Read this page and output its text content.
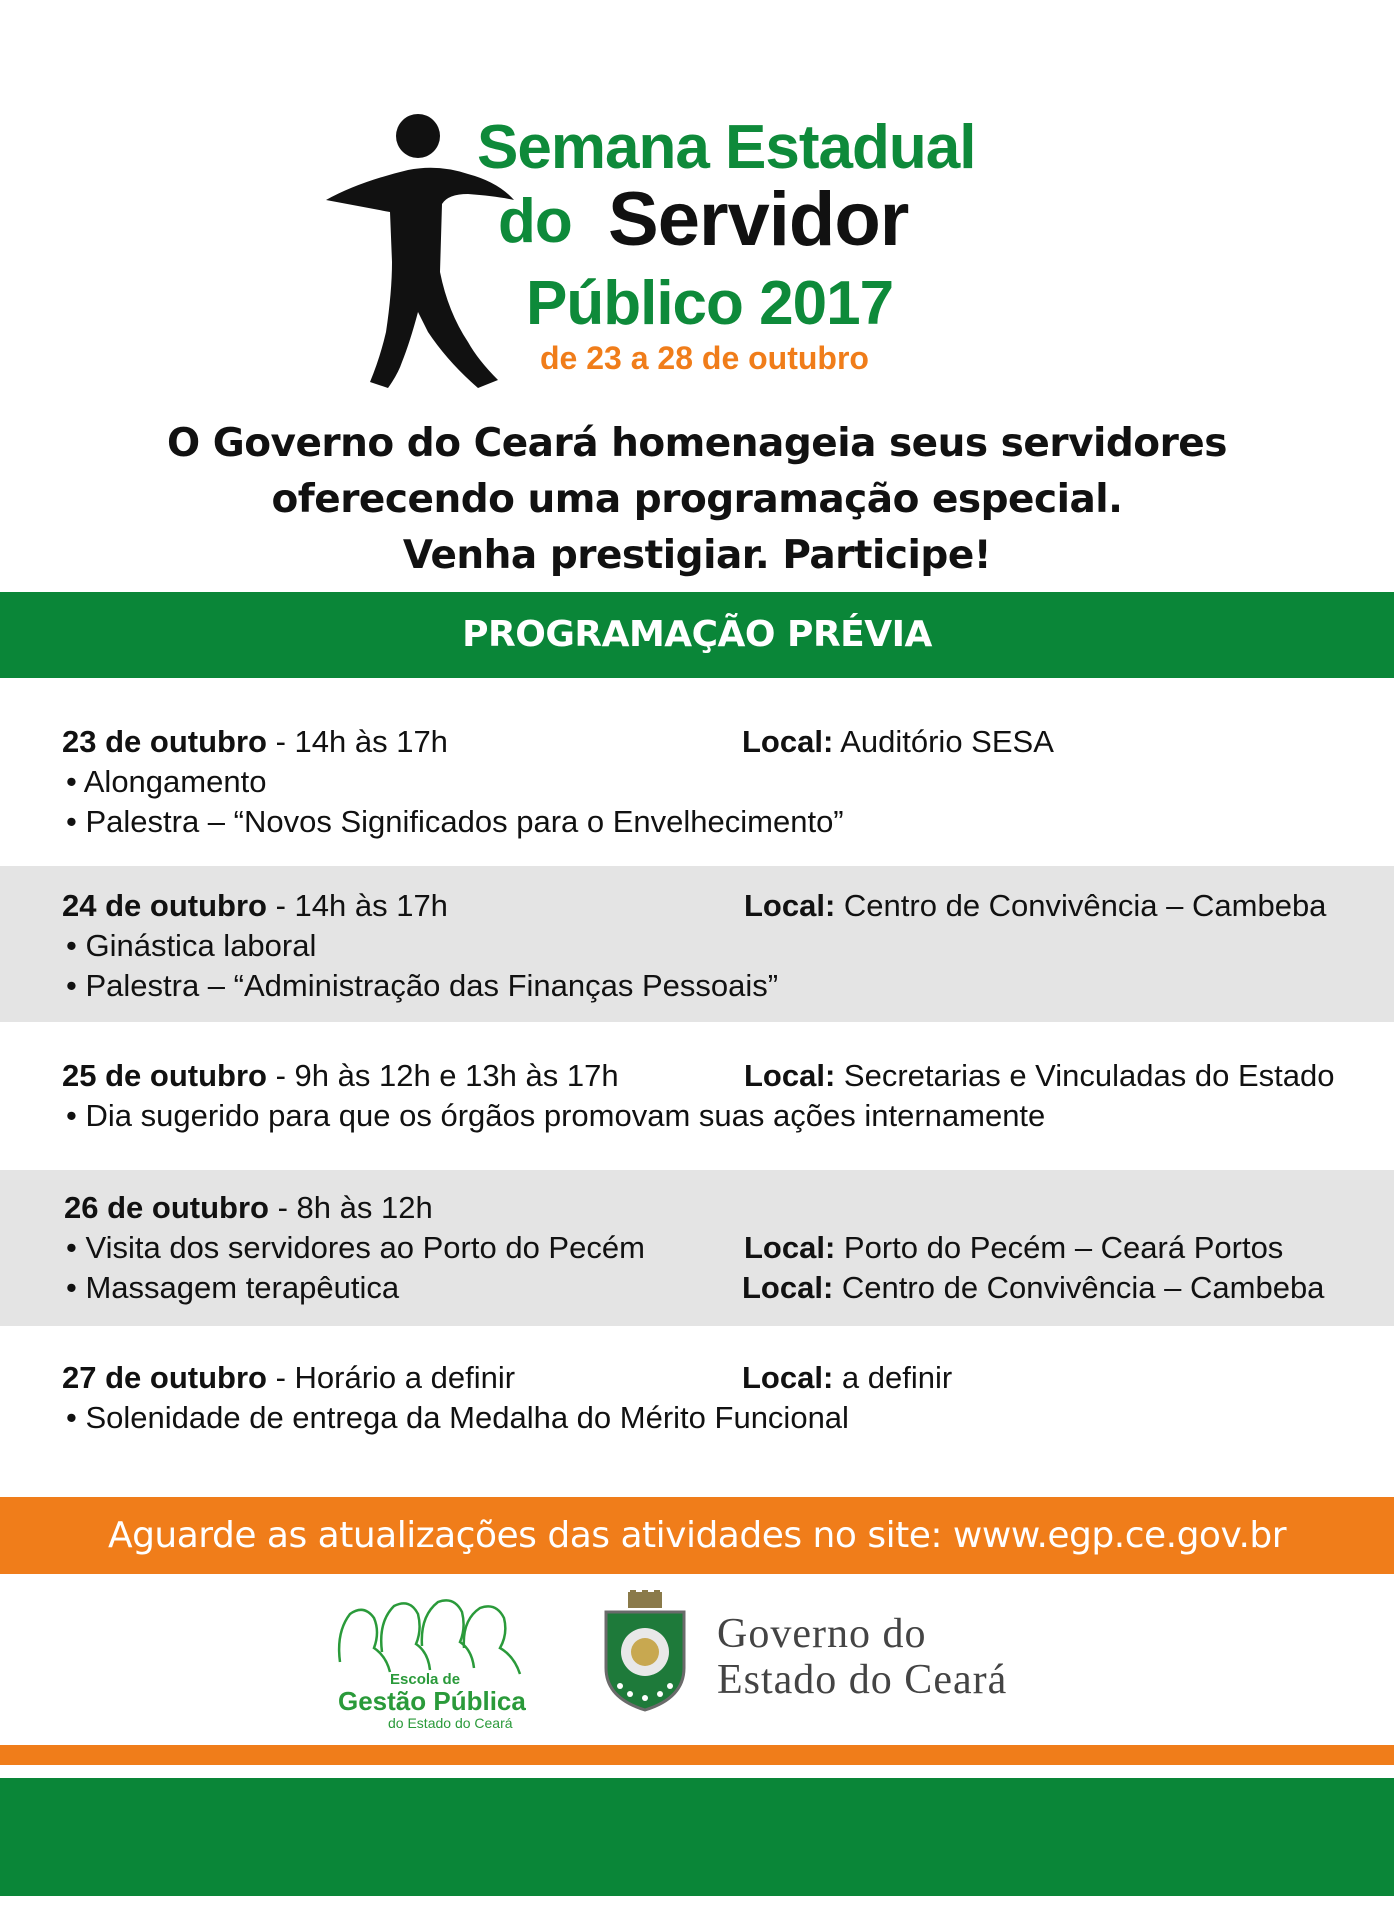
Semana Estadual
do Servidor
Público 2017
de 23 a 28 de outubro
O Governo do Ceará homenageia seus servidores
oferecendo uma programação especial.
Venha prestigiar. Participe!
PROGRAMAÇÃO PRÉVIA
23 de outubro - 14h às 17h	Local: Auditório SESA
• Alongamento
• Palestra – “Novos Significados para o Envelhecimento”
24 de outubro - 14h às 17h	Local: Centro de Convivência – Cambeba
• Ginástica laboral
• Palestra – “Administração das Finanças Pessoais”
25 de outubro - 9h às 12h e 13h às 17h	Local: Secretarias e Vinculadas do Estado
• Dia sugerido para que os órgãos promovam suas ações internamente
26 de outubro - 8h às 12h
• Visita dos servidores ao Porto do Pecém	Local: Porto do Pecém – Ceará Portos
• Massagem terapêutica	Local: Centro de Convivência – Cambeba
27 de outubro - Horário a definir	Local: a definir
• Solenidade de entrega da Medalha do Mérito Funcional
Aguarde as atualizações das atividades no site: www.egp.ce.gov.br
Escola de
Gestão Pública
do Estado do Ceará
Governo do
Estado do Ceará
